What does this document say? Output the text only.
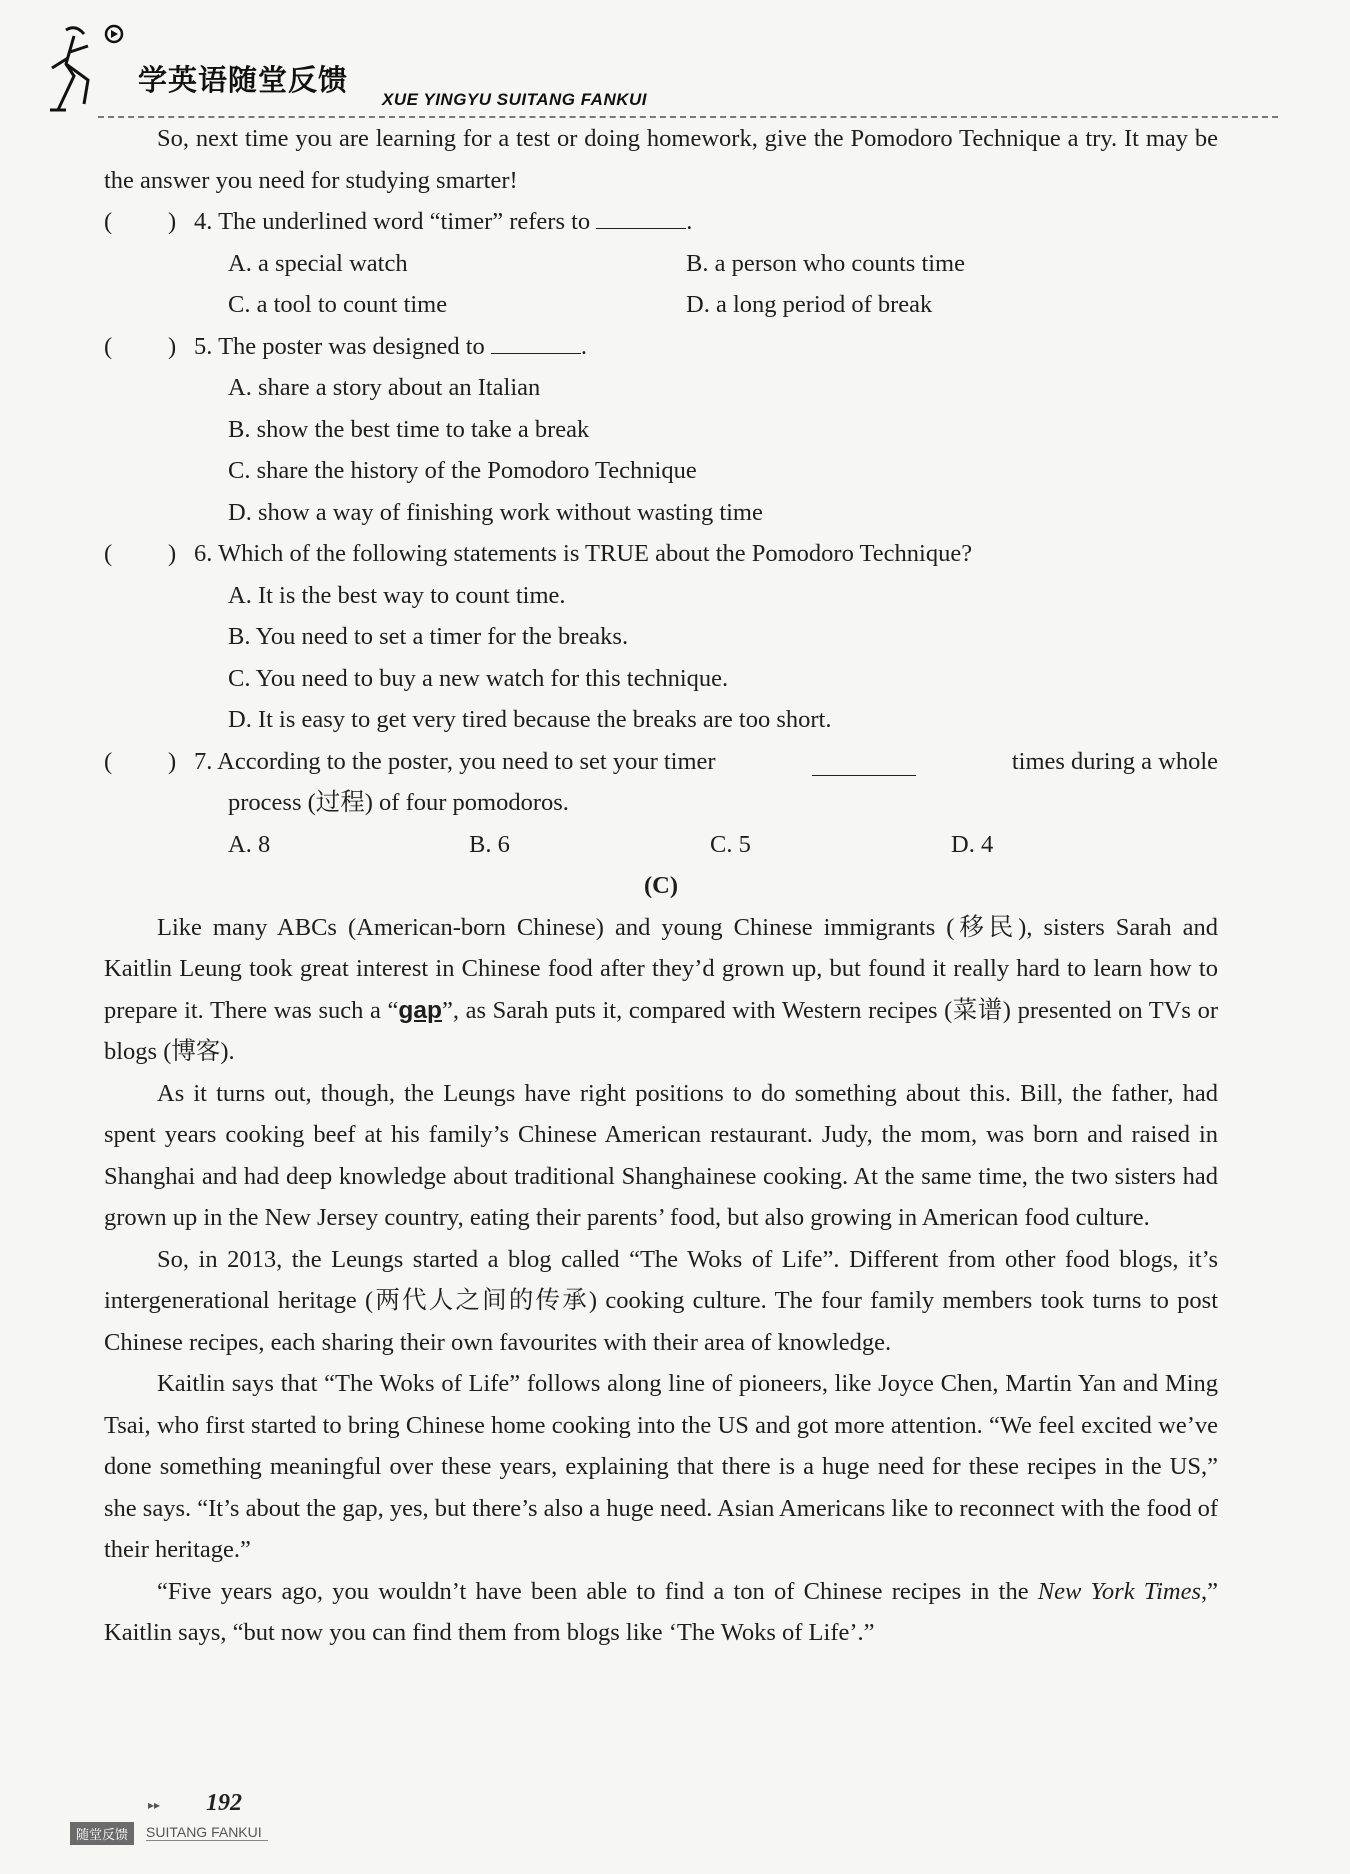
学英语随堂反馈
XUE YINGYU SUITANG FANKUI

So, next time you are learning for a test or doing homework, give the Pomodoro Technique a try. It may be the answer you need for studying smarter!

( ) 4. The underlined word “timer” refers to	.
A. a special watch	B. a person who counts time
C. a tool to count time	D. a long period of break
( ) 5. The poster was designed to	.
A. share a story about an Italian
B. show the best time to take a break
C. share the history of the Pomodoro Technique
D. show a way of finishing work without wasting time
( ) 6. Which of the following statements is TRUE about the Pomodoro Technique?
A. It is the best way to count time.
B. You need to set a timer for the breaks.
C. You need to buy a new watch for this technique.
D. It is easy to get very tired because the breaks are too short.
( ) 7. According to the poster, you need to set your timer	times during a whole
process (过程) of four pomodoros.
A. 8	B. 6	C. 5	D. 4
(C)

Like many ABCs (American-born Chinese) and young Chinese immigrants (移民), sisters Sarah and Kaitlin Leung took great interest in Chinese food after they’d grown up, but found it really hard to learn how to prepare it. There was such a “gap”, as Sarah puts it, compared with Western recipes (菜谱) presented on TVs or blogs (博客).

As it turns out, though, the Leungs have right positions to do something about this. Bill, the father, had spent years cooking beef at his family’s Chinese American restaurant. Judy, the mom, was born and raised in Shanghai and had deep knowledge about traditional Shanghainese cooking. At the same time, the two sisters had grown up in the New Jersey country, eating their parents’ food, but also growing in American food culture.

So, in 2013, the Leungs started a blog called “The Woks of Life”. Different from other food blogs, it’s intergenerational heritage (两代人之间的传承) cooking culture. The four family members took turns to post Chinese recipes, each sharing their own favourites with their area of knowledge.

Kaitlin says that “The Woks of Life” follows along line of pioneers, like Joyce Chen, Martin Yan and Ming Tsai, who first started to bring Chinese home cooking into the US and got more attention. “We feel excited we’ve done something meaningful over these years, explaining that there is a huge need for these recipes in the US,” she says. “It’s about the gap, yes, but there’s also a huge need. Asian Americans like to reconnect with the food of their heritage.”

“Five years ago, you wouldn’t have been able to find a ton of Chinese recipes in the New York Times,” Kaitlin says, “but now you can find them from blogs like ‘The Woks of Life’.”

▸▸ 192
随堂反馈	SUITANG FANKUI
